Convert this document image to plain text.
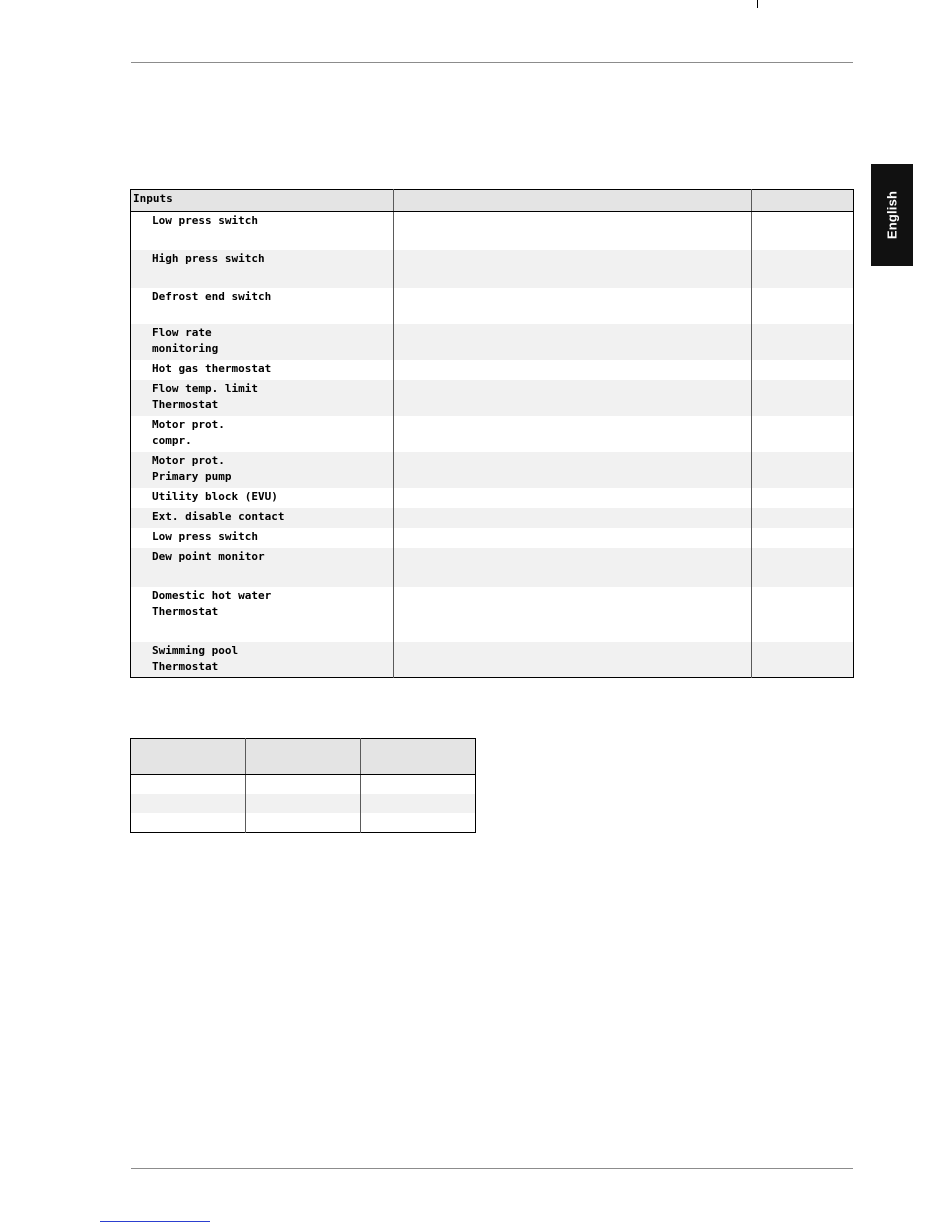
English
Inputs		
Low press switch		
High press switch		
Defrost end switch		
Flow rate
monitoring		
Hot gas thermostat		
Flow temp. limit
Thermostat		
Motor prot.
compr.		
Motor prot.
Primary pump		
Utility block (EVU)		
Ext. disable contact		
Low press switch		
Dew point monitor		
Domestic hot water
Thermostat		
Swimming pool
Thermostat		
